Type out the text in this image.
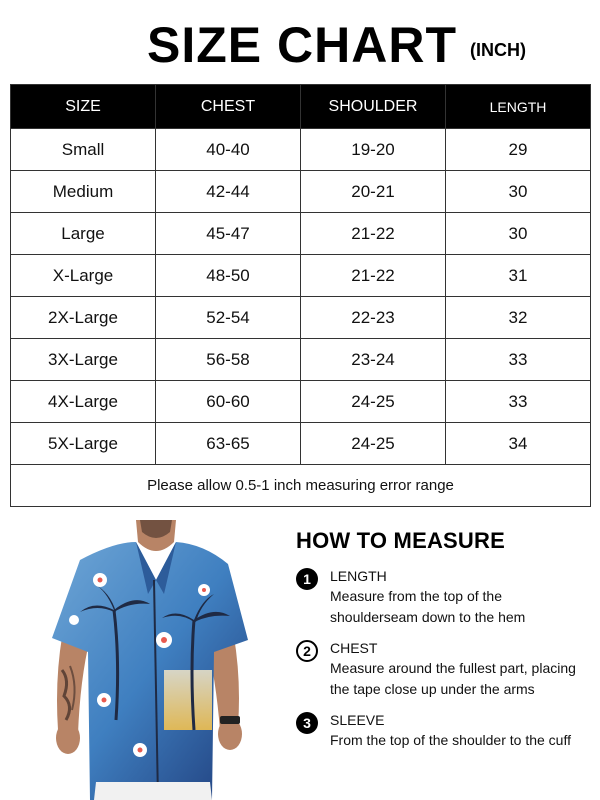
SIZE CHART (INCH)
SIZE	CHEST	SHOULDER	LENGTH
Small	40-40	19-20	29
Medium	42-44	20-21	30
Large	45-47	21-22	30
X-Large	48-50	21-22	31
2X-Large	52-54	22-23	32
3X-Large	56-58	23-24	33
4X-Large	60-60	24-25	33
5X-Large	63-65	24-25	34
Please allow 0.5-1 inch measuring error range			
HOW TO MEASURE
1	LENGTH
Measure from the top of the
shoulderseam down to the hem
2	CHEST
Measure around the fullest part, placing
the tape close up under the arms
3	SLEEVE
From the top of the shoulder to the cuff
